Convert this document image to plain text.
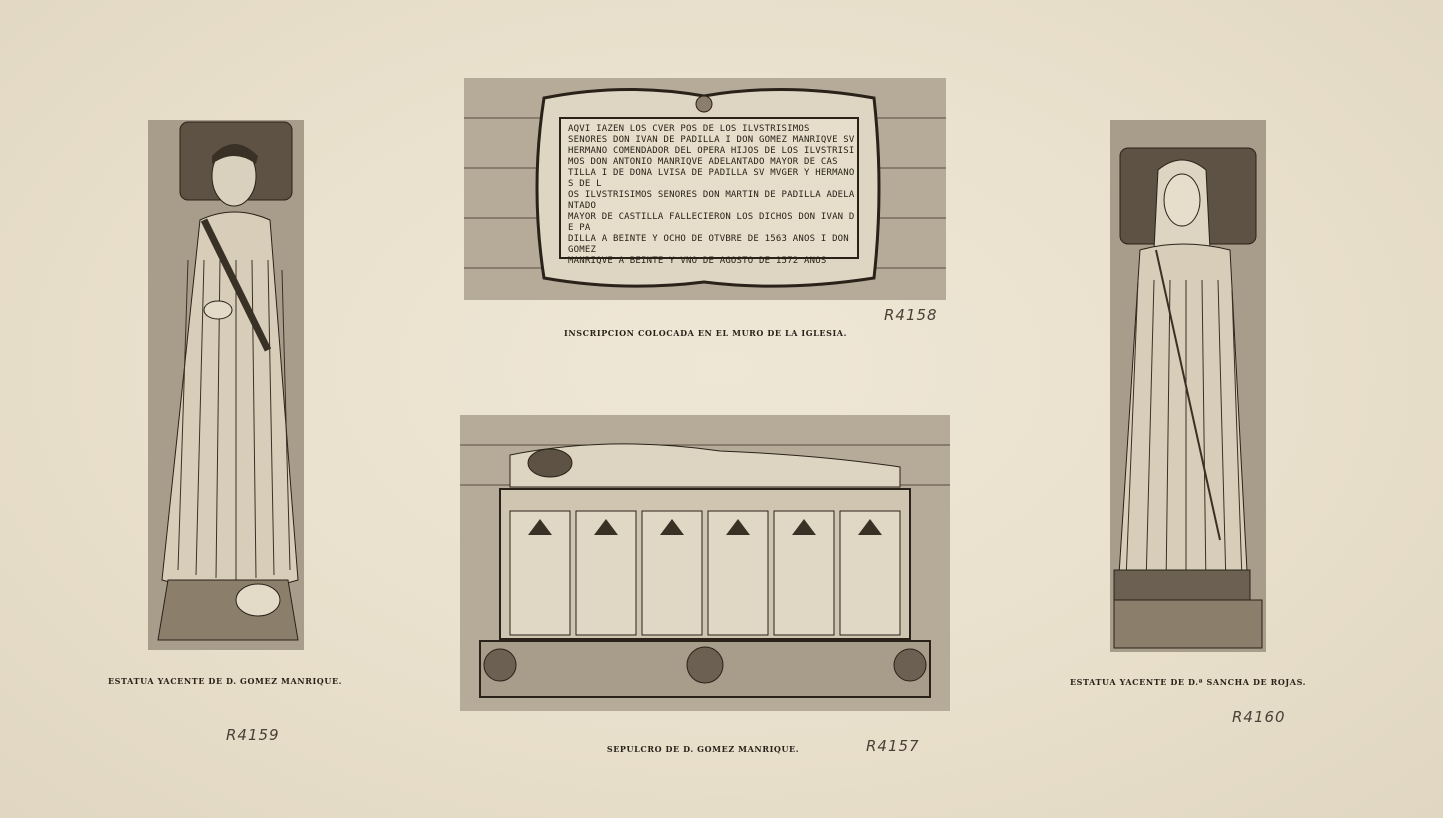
ESTATUA YACENTE DE D. GOMEZ MANRIQUE.
R4159
AQVI IAZEN LOS CVER POS DE LOS ILVSTRISIMOS
SENORES DON IVAN DE PADILLA I DON GOMEZ MANRIQVE SV
HERMANO COMENDADOR DEL OPERA HIJOS DE LOS ILVSTRISI
MOS DON ANTONIO MANRIQVE ADELANTADO MAYOR DE CAS
TILLA I DE DONA LVISA DE PADILLA SV MVGER Y HERMANOS DE L
OS ILVSTRISIMOS SENORES DON MARTIN DE PADILLA ADELANTADO
MAYOR DE CASTILLA FALLECIERON LOS DICHOS DON IVAN DE PA
DILLA A BEINTE Y OCHO DE OTVBRE DE 1563 ANOS I DON GOMEZ
MANRIQVE A BEINTE Y VNO DE AGOSTO DE 1572 ANOS
INSCRIPCION COLOCADA EN EL MURO DE LA IGLESIA.
R4158
SEPULCRO DE D. GOMEZ MANRIQUE.	R4157
ESTATUA YACENTE DE D.ª SANCHA DE ROJAS.
R4160
